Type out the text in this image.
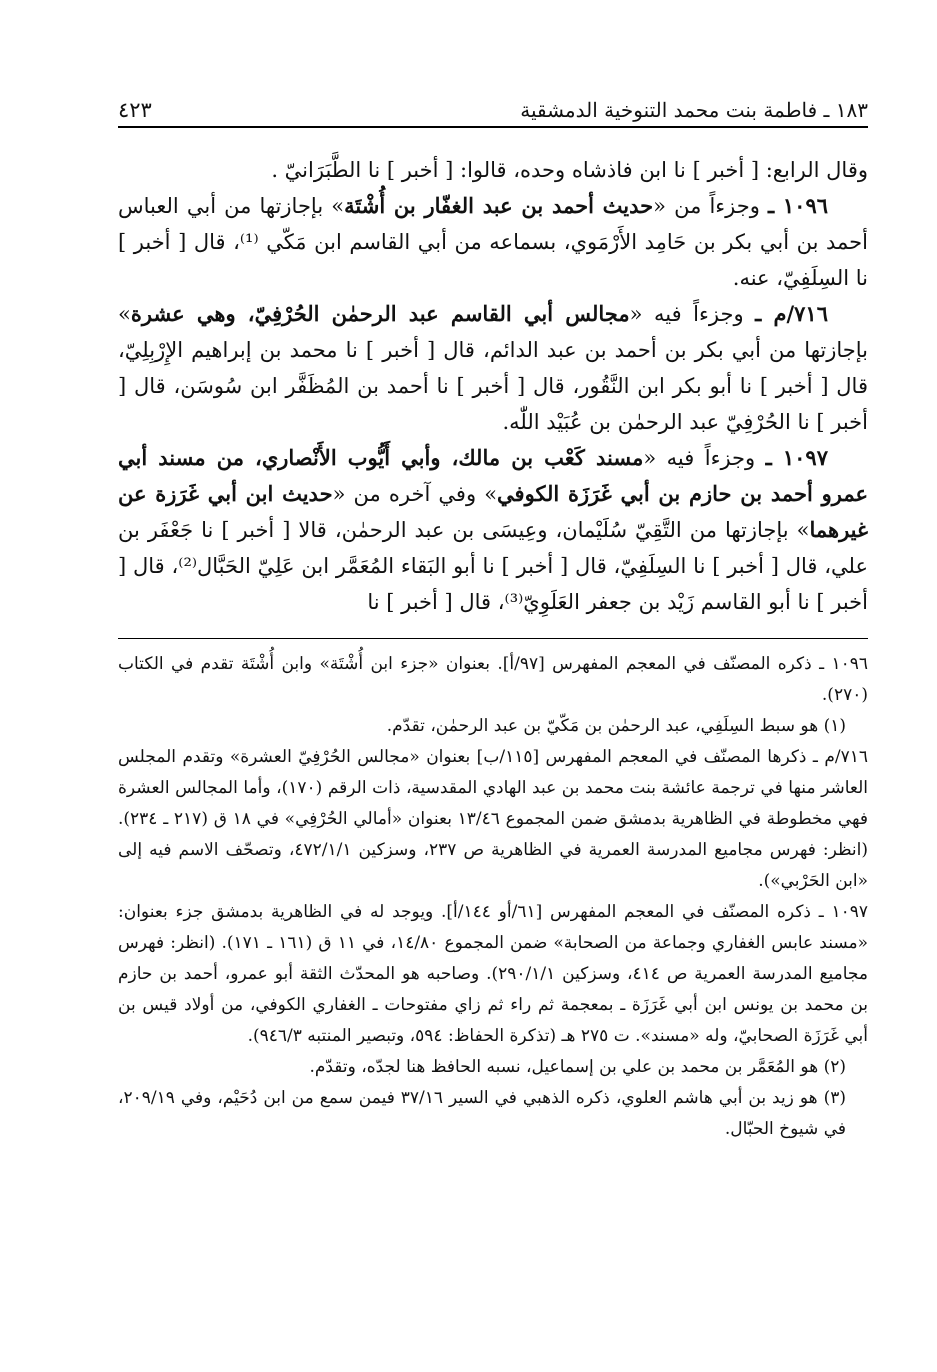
١٨٣ ـ فاطمة بنت محمد التنوخية الدمشقية
٤٢٣

وقال الرابع: [ أخبر ] نا ابن فاذشاه وحده، قالوا: [ أخبر ] نا الطَّبَرَانيّ .

١٠٩٦ ـ وجزءاً من «حديث أحمد بن عبد الغفّار بن أُشْتَة» بإجازتها من أبي العباس أحمد بن أبي بكر بن حَامِد الأَرْمَوي، بسماعه من أبي القاسم ابن مَكّي ⁽¹⁾، قال [ أخبر ] نا السِلَفِيّ، عنه.

٧١٦/م ـ وجزءاً فيه «مجالس أبي القاسم عبد الرحمٰن الحُرْفِيّ، وهي عشرة» بإجازتها من أبي بكر بن أحمد بن عبد الدائم، قال [ أخبر ] نا محمد بن إبراهيم الإِرْبِلِيّ، قال [ أخبر ] نا أبو بكر ابن النَّقُور، قال [ أخبر ] نا أحمد بن المُظَفَّر ابن سُوسَن، قال [ أخبر ] نا الحُرْفِيّ عبد الرحمٰن بن عُبَيْد اللّٰه.

١٠٩٧ ـ وجزءاً فيه «مسند كَعْب بن مالك، وأبي أَيُّوب الأَنْصاري، من مسند أبي عمرو أحمد بن حازم بن أبي غَرَزَة الكوفي» وفي آخره من «حديث ابن أبي غَرَزة عن غيرهما» بإجازتها من التَّقِيّ سُلَيْمان، وعِيسَى بن عبد الرحمٰن، قالا [ أخبر ] نا جَعْفَر بن علي، قال [ أخبر ] نا السِلَفِيّ، قال [ أخبر ] نا أبو البَقاء المُعَمَّر ابن عَلِيّ الحَبَّال⁽²⁾، قال [ أخبر ] نا أبو القاسم زَيْد بن جعفر العَلَوِيّ⁽³⁾، قال [ أخبر ] نا

١٠٩٦ ـ ذكره المصنّف في المعجم المفهرس [٩٧/أ]. بعنوان «جزء ابن أُشْتَة» وابن أُشْتَة تقدم في الكتاب (٢٧٠).

(١) هو سبط السِلَفِي، عبد الرحمٰن بن مَكّيّ بن عبد الرحمٰن، تقدّم.

٧١٦/م ـ ذكرها المصنّف في المعجم المفهرس [١١٥/ب] بعنوان «مجالس الحُرْفِيّ العشرة» وتقدم المجلس العاشر منها في ترجمة عائشة بنت محمد بن عبد الهادي المقدسية، ذات الرقم (١٧٠)، وأما المجالس العشرة فهي مخطوطة في الظاهرية بدمشق ضمن المجموع ١٣/٤٦ بعنوان «أمالي الحُرْفِي» في ١٨ ق (٢١٧ ـ ٢٣٤). (انظر: فهرس مجاميع المدرسة العمرية في الظاهرية ص ٢٣٧، وسزكين ٤٧٢/١/١، وتصحّف الاسم فيه إلى «ابن الحَرْبي»).

١٠٩٧ ـ ذكره المصنّف في المعجم المفهرس [٦١/أو ١٤٤/أ]. ويوجد له في الظاهرية بدمشق جزء بعنوان: «مسند عابس الغفاري وجماعة من الصحابة» ضمن المجموع ١٤/٨٠، في ١١ ق (١٦١ ـ ١٧١). (انظر: فهرس مجاميع المدرسة العمرية ص ٤١٤، وسزكين ٢٩٠/١/١). وصاحبه هو المحدّث الثقة أبو عمرو، أحمد بن حازم بن محمد بن يونس ابن أبي غَرَزَة ـ بمعجمة ثم راء ثم زاي مفتوحات ـ الغفاري الكوفي، من أولاد قيس بن أبي غَرَزَة الصحابيّ، وله «مسند». ت ٢٧٥ هـ (تذكرة الحفاظ: ٥٩٤، وتبصير المنتبه ٩٤٦/٣).

(٢) هو المُعَمَّر بن محمد بن علي بن إسماعيل، نسبه الحافظ هنا لجدّه، وتقدّم.

(٣) هو زيد بن أبي هاشم العلوي، ذكره الذهبي في السير ٣٧/١٦ فيمن سمع من ابن دُحَيْم، وفي ٢٠٩/١٩، في شيوخ الحبّال.
